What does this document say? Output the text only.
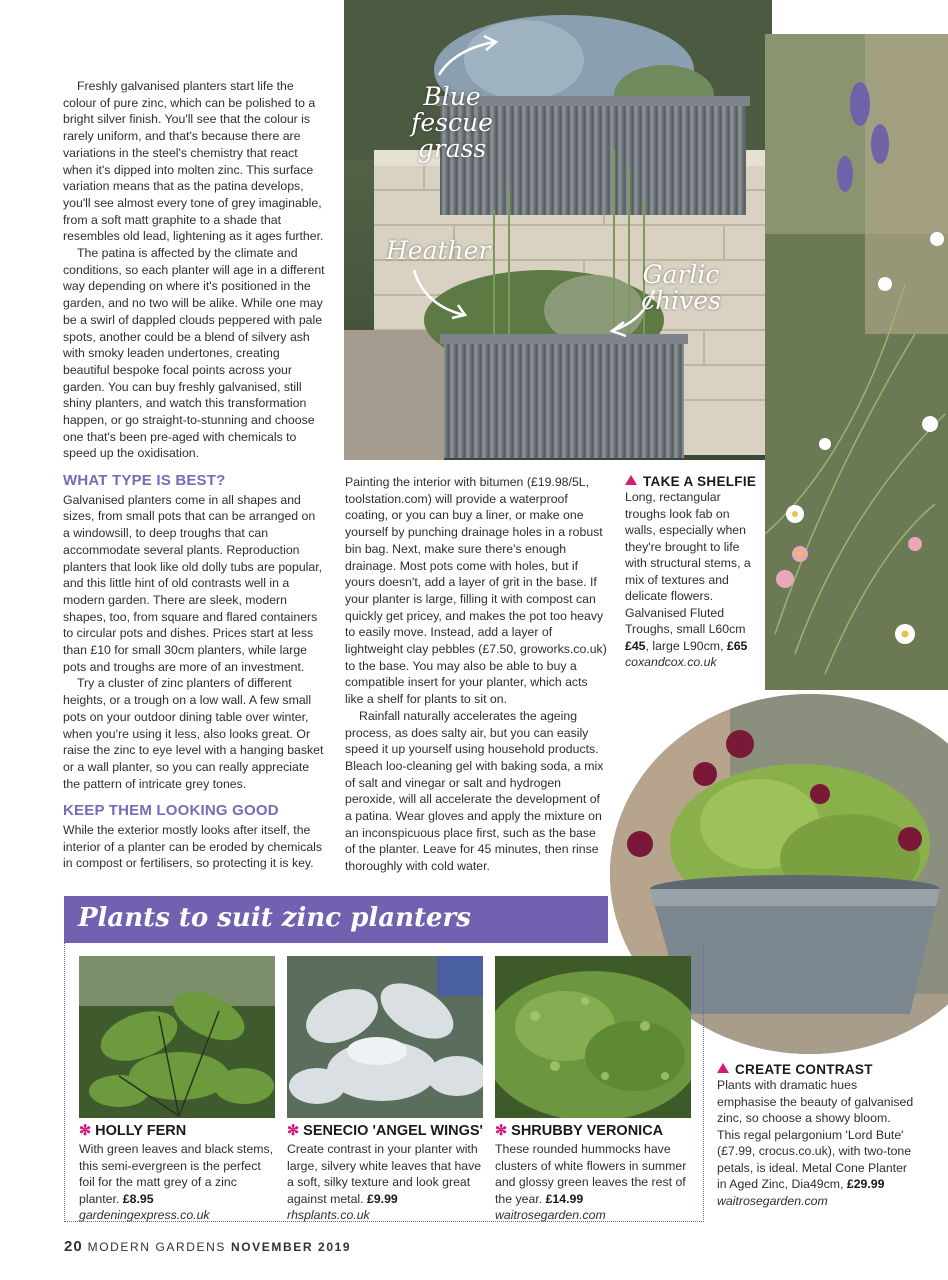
Blue fescue grass
Heather
Garlic chives

Freshly galvanised planters start life the colour of pure zinc, which can be polished to a bright silver finish. You'll see that the colour is rarely uniform, and that's because there are variations in the steel's chemistry that react when it's dipped into molten zinc. This surface variation means that as the patina develops, you'll see almost every tone of grey imaginable, from a soft matt graphite to a shade that resembles old lead, lightening as it ages further.

The patina is affected by the climate and conditions, so each planter will age in a different way depending on where it's positioned in the garden, and no two will be alike. While one may be a swirl of dappled clouds peppered with pale spots, another could be a blend of silvery ash with smoky leaden undertones, creating beautiful bespoke focal points across your garden. You can buy freshly galvanised, still shiny planters, and watch this transformation happen, or go straight-to-stunning and choose one that's been pre-aged with chemicals to speed up the oxidisation.

WHAT TYPE IS BEST?

Galvanised planters come in all shapes and sizes, from small pots that can be arranged on a windowsill, to deep troughs that can accommodate several plants. Reproduction planters that look like old dolly tubs are popular, and this little hint of old contrasts well in a modern garden. There are sleek, modern shapes, too, from square and flared containers to circular pots and dishes. Prices start at less than £10 for small 30cm planters, while large pots and troughs are more of an investment.

Try a cluster of zinc planters of different heights, or a trough on a low wall. A few small pots on your outdoor dining table over winter, when you're using it less, also looks great. Or raise the zinc to eye level with a hanging basket or a wall planter, so you can really appreciate the pattern of intricate grey tones.

KEEP THEM LOOKING GOOD

While the exterior mostly looks after itself, the interior of a planter can be eroded by chemicals in compost or fertilisers, so protecting it is key.

Painting the interior with bitumen (£19.98/5L, toolstation.com) will provide a waterproof coating, or you can buy a liner, or make one yourself by punching drainage holes in a robust bin bag. Next, make sure there's enough drainage. Most pots come with holes, but if yours doesn't, add a layer of grit in the base. If your planter is large, filling it with compost can quickly get pricey, and makes the pot too heavy to easily move. Instead, add a layer of lightweight clay pebbles (£7.50, groworks.co.uk) to the base. You may also be able to buy a compatible insert for your planter, which acts like a shelf for plants to sit on.

Rainfall naturally accelerates the ageing process, as does salty air, but you can easily speed it up yourself using household products. Bleach loo-cleaning gel with baking soda, a mix of salt and vinegar or salt and hydrogen peroxide, will all accelerate the development of a patina. Wear gloves and apply the mixture on an inconspicuous place first, such as the base of the planter. Leave for 45 minutes, then rinse thoroughly with cold water.

TAKE A SHELFIE
Long, rectangular troughs look fab on walls, especially when they're brought to life with structural stems, a mix of textures and delicate flowers. Galvanised Fluted Troughs, small L60cm
£45, large L90cm, £65
coxandcox.co.uk
CREATE CONTRAST
Plants with dramatic hues emphasise the beauty of galvanised zinc, so choose a showy bloom. This regal pelargonium 'Lord Bute' (£7.99, crocus.co.uk), with two-tone petals, is ideal. Metal Cone Planter in Aged Zinc, Dia49cm, £29.99
waitrosegarden.com
Plants to suit zinc planters

✻ HOLLY FERN

With green leaves and black stems, this semi-evergreen is the perfect foil for the matt grey of a zinc planter. £8.95 gardeningexpress.co.uk

✻ SENECIO 'ANGEL WINGS'

Create contrast in your planter with large, silvery white leaves that have a soft, silky texture and look great against metal. £9.99 rhsplants.co.uk

✻ SHRUBBY VERONICA

These rounded hummocks have clusters of white flowers in summer and glossy green leaves the rest of the year. £14.99 waitrosegarden.com

20 MODERN GARDENS NOVEMBER 2019
